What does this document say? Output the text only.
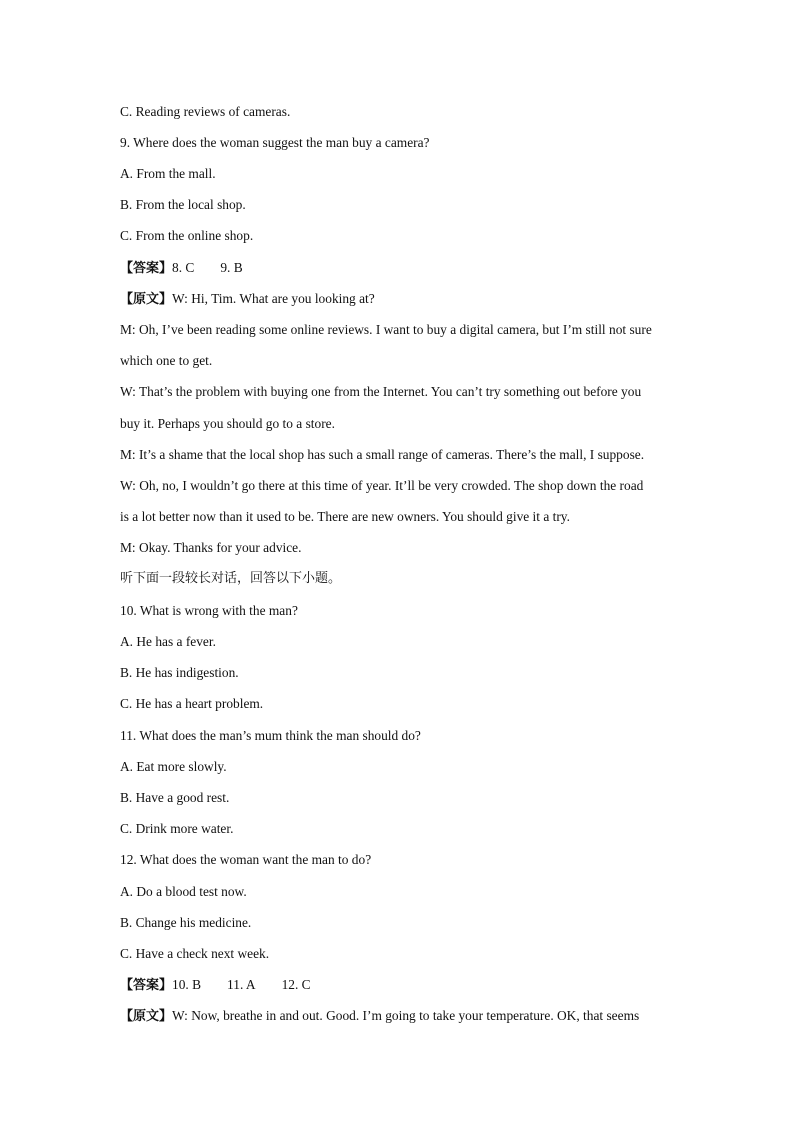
C. Reading reviews of cameras.
9. Where does the woman suggest the man buy a camera?
A. From the mall.
B. From the local shop.
C. From the online shop.
【答案】8. C 9. B
【原文】W: Hi, Tim. What are you looking at?
M: Oh, I’ve been reading some online reviews. I want to buy a digital camera, but I’m still not sure
which one to get.
W: That’s the problem with buying one from the Internet. You can’t try something out before you
buy it. Perhaps you should go to a store.
M: It’s a shame that the local shop has such a small range of cameras. There’s the mall, I suppose.
W: Oh, no, I wouldn’t go there at this time of year. It’ll be very crowded. The shop down the road
is a lot better now than it used to be. There are new owners. You should give it a try.
M: Okay. Thanks for your advice.
听下面一段较长对话，回答以下小题。
10. What is wrong with the man?
A. He has a fever.
B. He has indigestion.
C. He has a heart problem.
11. What does the man’s mum think the man should do?
A. Eat more slowly.
B. Have a good rest.
C. Drink more water.
12. What does the woman want the man to do?
A. Do a blood test now.
B. Change his medicine.
C. Have a check next week.
【答案】10. B 11. A 12. C
【原文】W: Now, breathe in and out. Good. I’m going to take your temperature. OK, that seems
